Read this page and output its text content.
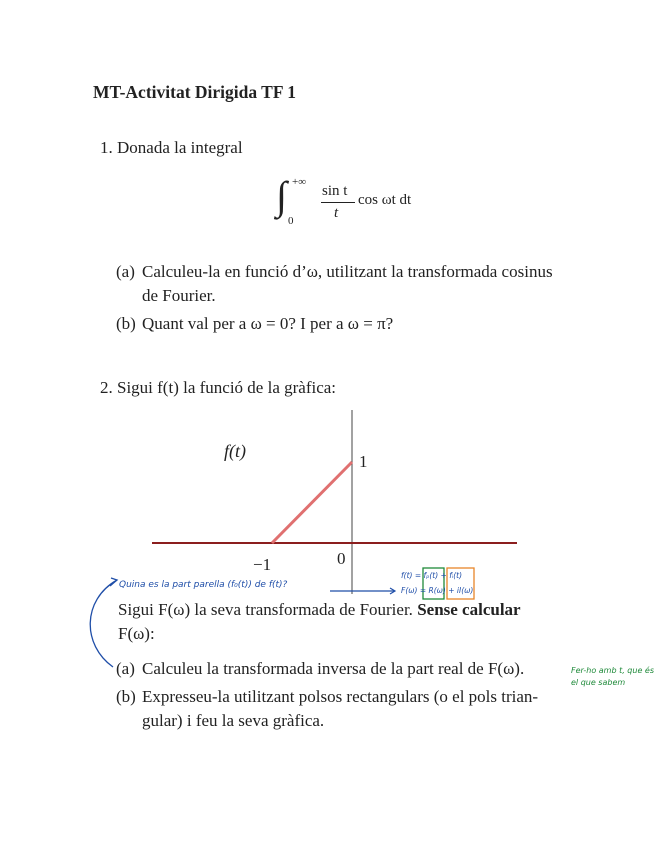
MT-Activitat Dirigida TF 1
1. Donada la integral
∫ +∞
0
sin t
t
cos ωt dt
(a) Calculeu-la en funció d’ω, utilitzant la transformada cosinus
de Fourier.
(b) Quant val per a ω = 0? I per a ω = π?
2. Sigui f(t) la funció de la gràfica:
f(t)
1
0
−1
Quina es la part parella (f₀(t)) de f(t)?
f(t) = fₚ(t) + fᵢ(t)
F(ω) = R(ω) + iI(ω)
Fer-ho amb t, que és
el que sabem
Sigui F(ω) la seva transformada de Fourier. Sense calcular
F(ω):
(a) Calculeu la transformada inversa de la part real de F(ω).
(b) Expresseu-la utilitzant polsos rectangulars (o el pols trian-
gular) i feu la seva gràfica.
